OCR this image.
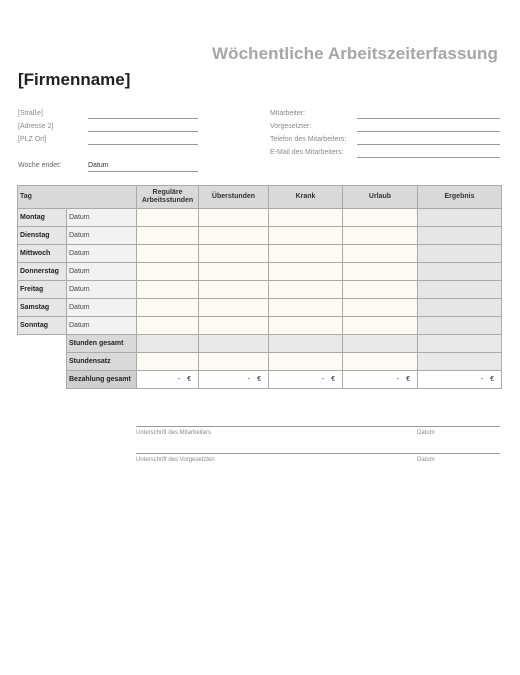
Wöchentliche Arbeitszeiterfassung
[Firmenname]
[Straße]
[Adresse 2]
[PLZ Ort]
Mitarbeiter:
Vorgesetzter:
Telefon des Mitarbeiters:
E-Mail des Mitarbeiters:
Woche endet:	Datum
Tag		Reguläre Arbeitsstunden	Überstunden	Krank	Urlaub	Ergebnis
Montag	Datum					
Dienstag	Datum					
Mittwoch	Datum					
Donnerstag	Datum					
Freitag	Datum					
Samstag	Datum					
Sonntag	Datum					
	Stunden gesamt					
	Stundensatz					
	Bezahlung gesamt	- €	- €	- €	- €	- €
Unterschrift des Mitarbeiters	Datum
Unterschrift des Vorgesetzten	Datum
